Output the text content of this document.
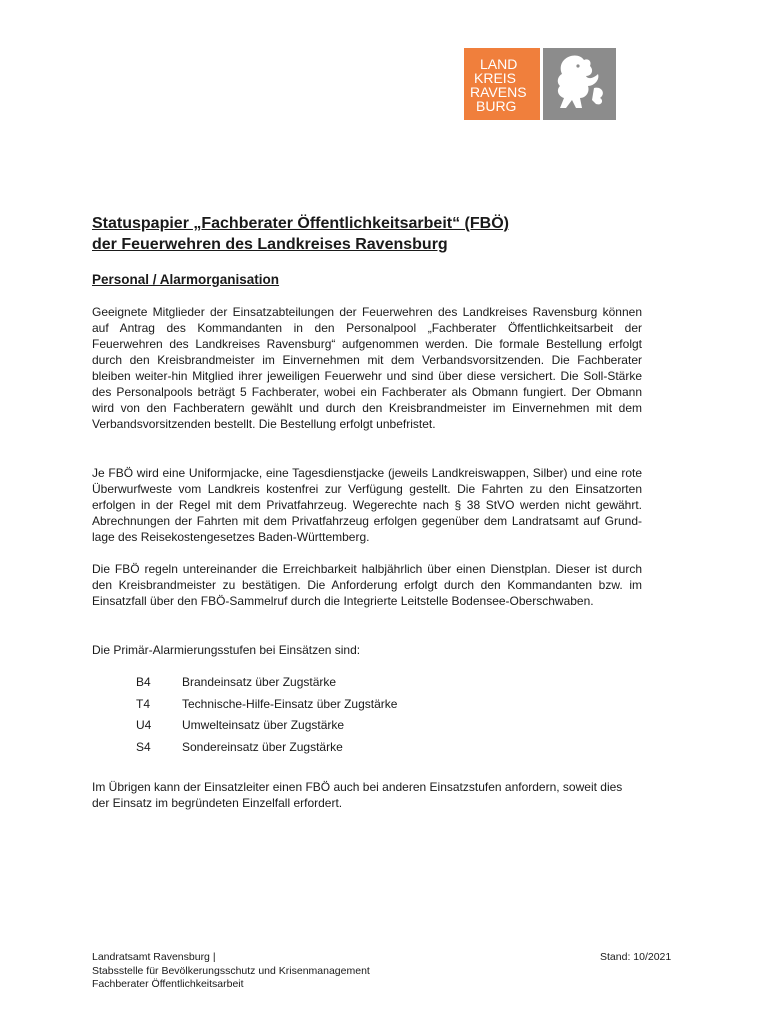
LAND
KREIS
RAVENS
BURG
Statuspapier „Fachberater Öffentlichkeitsarbeit“ (FBÖ)
der Feuerwehren des Landkreises Ravensburg
Personal / Alarmorganisation

Geeignete Mitglieder der Einsatzabteilungen der Feuerwehren des Landkreises Ravensburg können auf Antrag des Kommandanten in den Personalpool „Fachberater Öffentlichkeitsarbeit der Feuerwehren des Landkreises Ravensburg“ aufgenommen werden. Die formale Bestellung erfolgt durch den Kreisbrandmeister im Einvernehmen mit dem Verbandsvorsitzenden. Die Fachberater bleiben weiter-hin Mitglied ihrer jeweiligen Feuerwehr und sind über diese versichert. Die Soll-Stärke des Personalpools beträgt 5 Fachberater, wobei ein Fachberater als Obmann fungiert. Der Obmann wird von den Fachberatern gewählt und durch den Kreisbrandmeister im Einvernehmen mit dem Verbandsvorsitzenden bestellt. Die Bestellung erfolgt unbefristet.

Je FBÖ wird eine Uniformjacke, eine Tagesdienstjacke (jeweils Landkreiswappen, Silber) und eine rote Überwurfweste vom Landkreis kostenfrei zur Verfügung gestellt. Die Fahrten zu den Einsatzorten erfolgen in der Regel mit dem Privatfahrzeug. Wegerechte nach § 38 StVO werden nicht gewährt. Abrechnungen der Fahrten mit dem Privatfahrzeug erfolgen gegenüber dem Landratsamt auf Grund-lage des Reisekostengesetzes Baden-Württemberg.

Die FBÖ regeln untereinander die Erreichbarkeit halbjährlich über einen Dienstplan. Dieser ist durch den Kreisbrandmeister zu bestätigen. Die Anforderung erfolgt durch den Kommandanten bzw. im Einsatzfall über den FBÖ-Sammelruf durch die Integrierte Leitstelle Bodensee-Oberschwaben.

Die Primär-Alarmierungsstufen bei Einsätzen sind:

B4	Brandeinsatz über Zugstärke
T4	Technische-Hilfe-Einsatz über Zugstärke
U4	Umwelteinsatz über Zugstärke
S4	Sondereinsatz über Zugstärke

Im Übrigen kann der Einsatzleiter einen FBÖ auch bei anderen Einsatzstufen anfordern, soweit dies der Einsatz im begründeten Einzelfall erfordert.

Landratsamt Ravensburg |
Stabsstelle für Bevölkerungsschutz und Krisenmanagement
Fachberater Öffentlichkeitsarbeit
Stand: 10/2021
